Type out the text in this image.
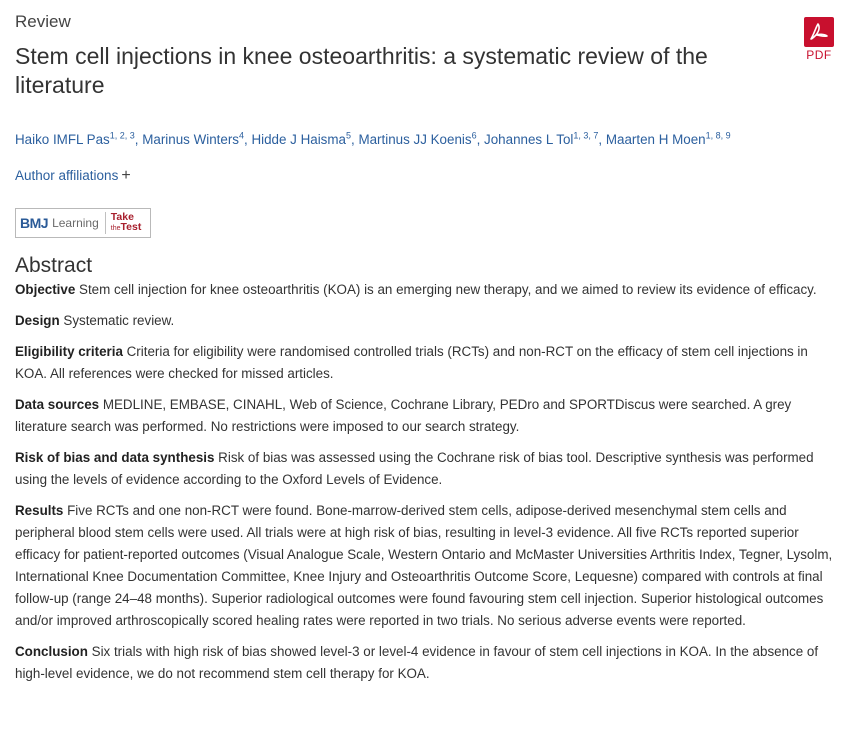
Review
PDF
Stem cell injections in knee osteoarthritis: a systematic review of the literature
Haiko IMFL Pas$^{1, 2, 3}$, Marinus Winters$^4$, Hidde J Haisma$^5$, Martinus JJ Koenis$^6$, Johannes L Tol$^{1, 3, 7}$, Maarten H Moen$^{1, 8, 9}$
Author affiliations +
BMJ Learning Take
theTest
Abstract

Objective Stem cell injection for knee osteoarthritis (KOA) is an emerging new therapy, and we aimed to review its evidence of efficacy.

Design Systematic review.

Eligibility criteria Criteria for eligibility were randomised controlled trials (RCTs) and non-RCT on the efficacy of stem cell injections in KOA. All references were checked for missed articles.

Data sources MEDLINE, EMBASE, CINAHL, Web of Science, Cochrane Library, PEDro and SPORTDiscus were searched. A grey literature search was performed. No restrictions were imposed to our search strategy.

Risk of bias and data synthesis Risk of bias was assessed using the Cochrane risk of bias tool. Descriptive synthesis was performed using the levels of evidence according to the Oxford Levels of Evidence.

Results Five RCTs and one non-RCT were found. Bone-marrow-derived stem cells, adipose-derived mesenchymal stem cells and peripheral blood stem cells were used. All trials were at high risk of bias, resulting in level-3 evidence. All five RCTs reported superior efficacy for patient-reported outcomes (Visual Analogue Scale, Western Ontario and McMaster Universities Arthritis Index, Tegner, Lysolm, International Knee Documentation Committee, Knee Injury and Osteoarthritis Outcome Score, Lequesne) compared with controls at final follow-up (range 24–48 months). Superior radiological outcomes were found favouring stem cell injection. Superior histological outcomes and/or improved arthroscopically scored healing rates were reported in two trials. No serious adverse events were reported.

Conclusion Six trials with high risk of bias showed level-3 or level-4 evidence in favour of stem cell injections in KOA. In the absence of high-level evidence, we do not recommend stem cell therapy for KOA.
